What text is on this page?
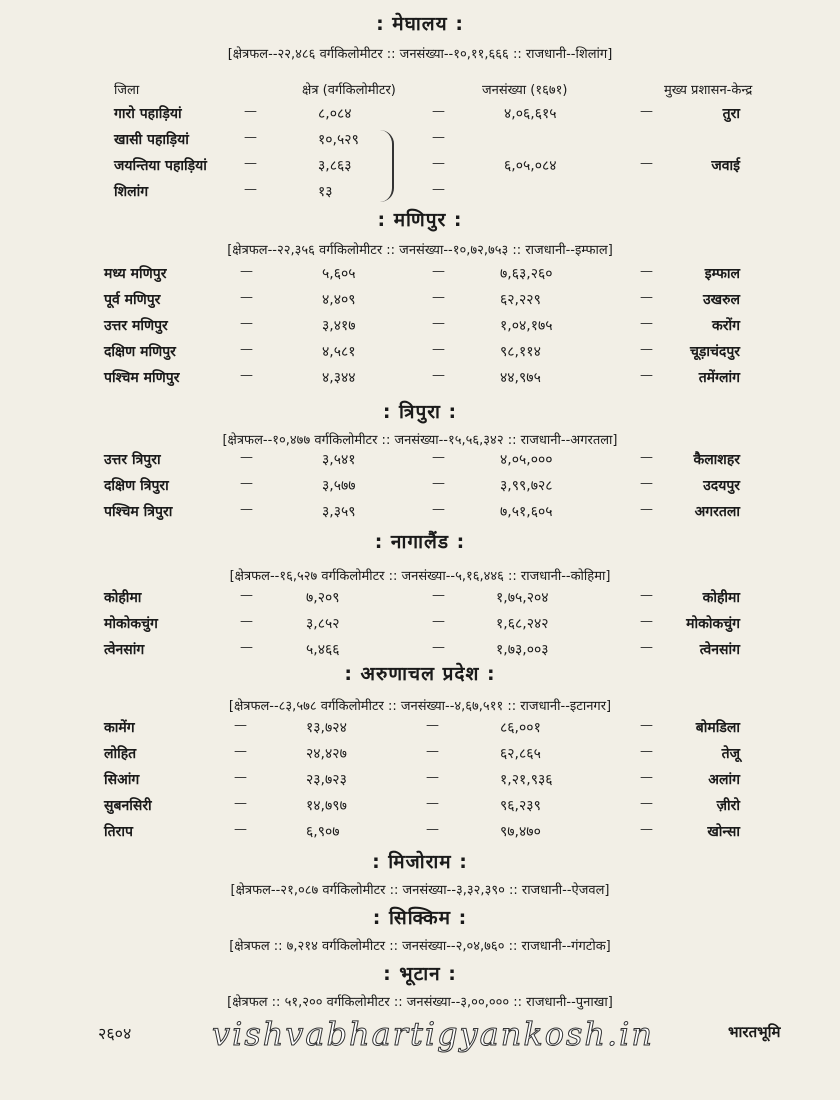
: मेघालय :
[क्षेत्रफल--२२,४८६ वर्गकिलोमीटर :: जनसंख्या--१०,११,६६६ :: राजधानी--शिलांग]
जिला	क्षेत्र (वर्गकिलोमीटर)	जनसंख्या (१६७१)	मुख्य प्रशासन-केन्द्र
गारो पहाड़ियां	—	८,०८४	—	४,०६,६१५	—	तुरा
खासी पहाड़ियां	—	१०,५२९	—
जयन्तिया पहाड़ियां	—	३,८६३	—	६,०५,०८४	—	जवाई
शिलांग	—	१३	—
: मणिपुर :
[क्षेत्रफल--२२,३५६ वर्गकिलोमीटर :: जनसंख्या--१०,७२,७५३ :: राजधानी--इम्फाल]
मध्य मणिपुर	—	५,६०५	—	७,६३,२६०	—	इम्फाल
पूर्व मणिपुर	—	४,४०९	—	६२,२२९	—	उखरुल
उत्तर मणिपुर	—	३,४१७	—	१,०४,१७५	—	करोंग
दक्षिण मणिपुर	—	४,५८१	—	९८,११४	—	चूड़ाचंदपुर
पश्चिम मणिपुर	—	४,३४४	—	४४,९७५	—	तमेंग्लांग
: त्रिपुरा :
[क्षेत्रफल--१०,४७७ वर्गकिलोमीटर :: जनसंख्या--१५,५६,३४२ :: राजधानी--अगरतला]
उत्तर त्रिपुरा	—	३,५४१	—	४,०५,०००	—	कैलाशहर
दक्षिण त्रिपुरा	—	३,५७७	—	३,९९,७२८	—	उदयपुर
पश्चिम त्रिपुरा	—	३,३५९	—	७,५१,६०५	—	अगरतला
: नागालैंड :
[क्षेत्रफल--१६,५२७ वर्गकिलोमीटर :: जनसंख्या--५,१६,४४६ :: राजधानी--कोहिमा]
कोहीमा	—	७,२०९	—	१,७५,२०४	—	कोहीमा
मोकोकचुंग	—	३,८५२	—	१,६८,२४२	— मोकोकचुंग
त्वेनसांग	—	५,४६६	—	१,७३,००३	—	त्वेनसांग
: अरुणाचल प्रदेश :
[क्षेत्रफल--८३,५७८ वर्गकिलोमीटर :: जनसंख्या--४,६७,५११ :: राजधानी--इटानगर]
कामेंग	—	१३,७२४	—	८६,००१	—	बोमडिला
लोहित	—	२४,४२७	—	६२,८६५	—	तेजू
सिआंग	—	२३,७२३	—	१,२१,९३६	—	अलांग
सुबनसिरी	—	१४,७९७	—	९६,२३९	—	ज़ीरो
तिराप	—	६,९०७	—	९७,४७०	—	खोन्सा
: मिजोराम :
[क्षेत्रफल--२१,०८७ वर्गकिलोमीटर :: जनसंख्या--३,३२,३९० :: राजधानी--ऐजवल]
: सिक्किम :
[क्षेत्रफल :: ७,२१४ वर्गकिलोमीटर :: जनसंख्या--२,०४,७६० :: राजधानी--गंगटोक]
: भूटान :
[क्षेत्रफल :: ५१,२०० वर्गकिलोमीटर :: जनसंख्या--३,००,००० :: राजधानी--पुनाखा]
२६०४	vishvabhartigyankosh.in	भारतभूमि
